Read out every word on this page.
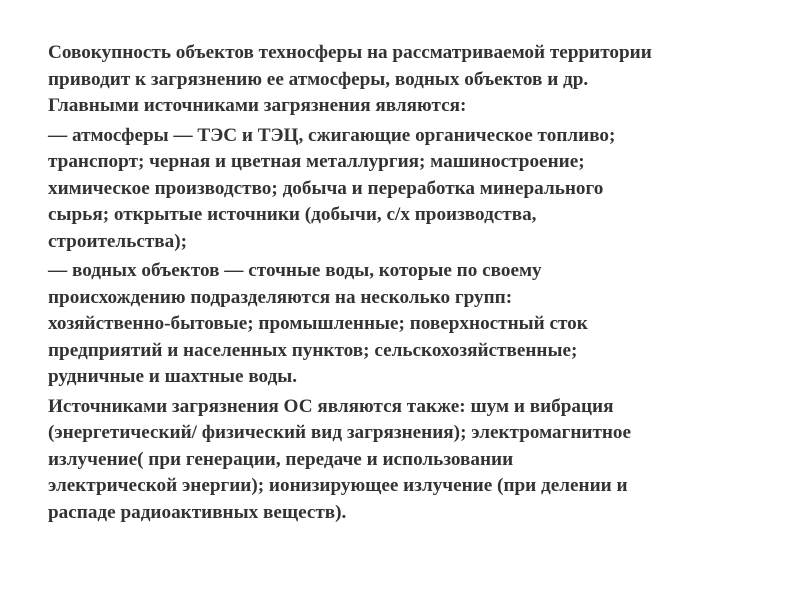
Совокупность объектов техносферы на рассматриваемой территории
приводит к загрязнению ее атмосферы, водных объектов и др.
Главными источниками загрязнения являются:

— атмосферы — ТЭС и ТЭЦ, сжигающие органическое топливо;
транспорт; черная и цветная металлургия; машиностроение;
химическое производство; добыча и переработка минерального
сырья; открытые источники (добычи, с/х производства,
строительства);

— водных объектов — сточные воды, которые по своему
происхождению подразделяются на несколько групп:
хозяйственно-бытовые; промышленные; поверхностный сток
предприятий и населенных пунктов; сельскохозяйственные;
рудничные и шахтные воды.

Источниками загрязнения ОС являются также: шум и вибрация
(энергетический/ физический вид загрязнения); электромагнитное
излучение( при генерации, передаче и использовании
электрической энергии); ионизирующее излучение (при делении и
распаде радиоактивных веществ).
